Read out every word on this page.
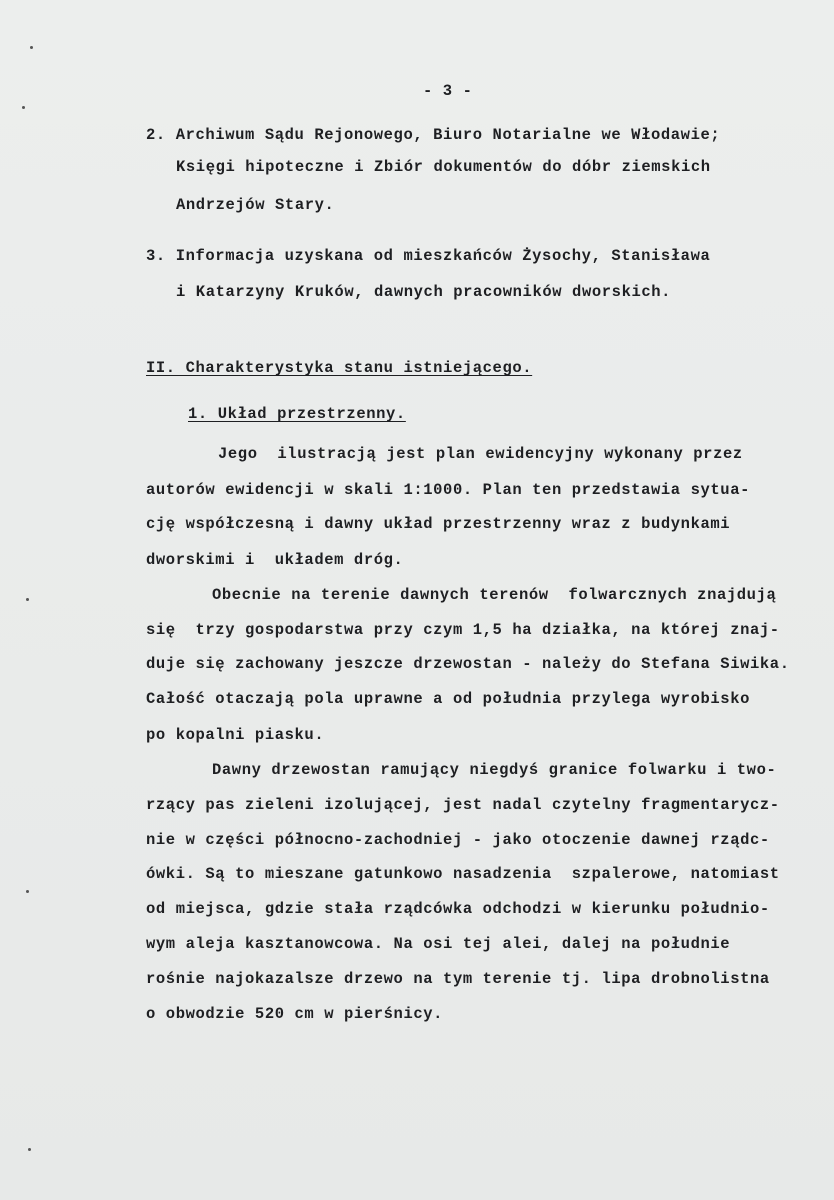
- 3 -
2. Archiwum Sądu Rejonowego, Biuro Notarialne we Włodawie;
Księgi hipoteczne i Zbiór dokumentów do dóbr ziemskich
Andrzejów Stary.
3. Informacja uzyskana od mieszkańców Żysochy, Stanisława
i Katarzyny Kruków, dawnych pracowników dworskich.
II. Charakterystyka stanu istniejącego.
1. Układ przestrzenny.
Jego  ilustracją jest plan ewidencyjny wykonany przez
autorów ewidencji w skali 1:1000. Plan ten przedstawia sytua-
cję współczesną i dawny układ przestrzenny wraz z budynkami
dworskimi i  układem dróg.
Obecnie na terenie dawnych terenów  folwarcznych znajdują
się  trzy gospodarstwa przy czym 1,5 ha działka, na której znaj-
duje się zachowany jeszcze drzewostan - należy do Stefana Siwika.
Całość otaczają pola uprawne a od południa przylega wyrobisko
po kopalni piasku.
Dawny drzewostan ramujący niegdyś granice folwarku i two-
rzący pas zieleni izolującej, jest nadal czytelny fragmentarycz-
nie w części północno-zachodniej - jako otoczenie dawnej rządc-
ówki. Są to mieszane gatunkowo nasadzenia  szpalerowe, natomiast
od miejsca, gdzie stała rządcówka odchodzi w kierunku południo-
wym aleja kasztanowcowa. Na osi tej alei, dalej na południe
rośnie najokazalsze drzewo na tym terenie tj. lipa drobnolistna
o obwodzie 520 cm w pierśnicy.
